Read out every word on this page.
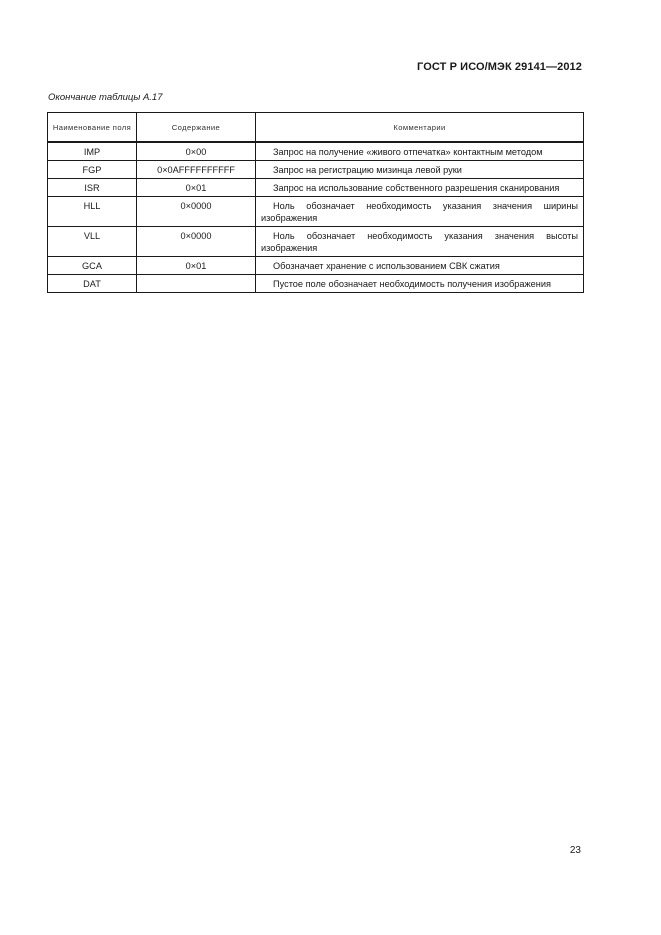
ГОСТ Р ИСО/МЭК 29141—2012
Окончание таблицы А.17
Наименование поля	Содержание	Комментарии
IMP	0×00	Запрос на получение «живого отпечатка» контактным методом
FGP	0×0AFFFFFFFFFF	Запрос на регистрацию мизинца левой руки
ISR	0×01	Запрос на использование собственного разрешения сканирования
HLL	0×0000	Ноль обозначает необходимость указания значения ширины изображения
VLL	0×0000	Ноль обозначает необходимость указания значения высоты изображения
GCA	0×01	Обозначает хранение с использованием СВК сжатия
DAT		Пустое поле обозначает необходимость получения изображения
23
